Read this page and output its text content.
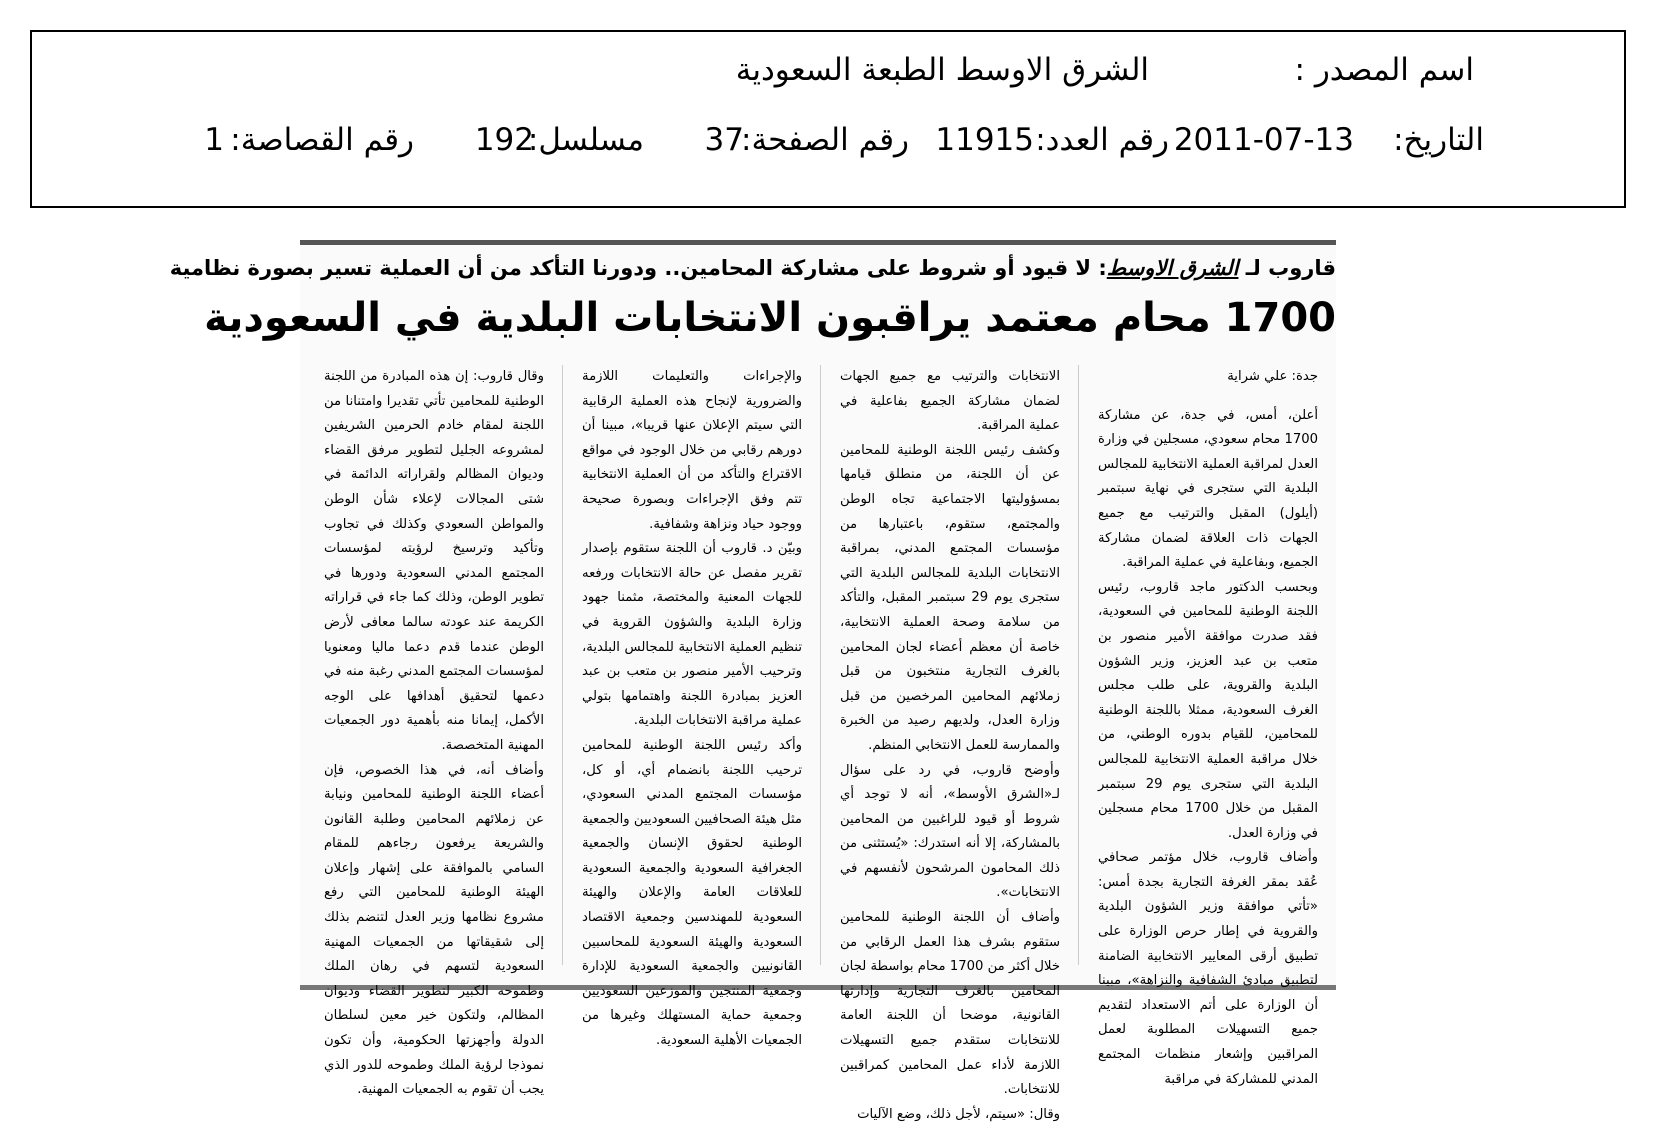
اسم المصدر :
الشرق الاوسط الطبعة السعودية
التاريخ:
2011-07-13
رقم العدد:
11915
رقم الصفحة:
37
مسلسل:
192
رقم القصاصة:
1
قاروب لـ الشرق الاوسط: لا قيود أو شروط على مشاركة المحامين.. ودورنا التأكد من أن العملية تسير بصورة نظامية
1700 محام معتمد يراقبون الانتخابات البلدية في السعودية

جدة: علي شراية

أعلن، أمس، في جدة، عن مشاركة 1700 محام سعودي، مسجلين في وزارة العدل لمراقبة العملية الانتخابية للمجالس البلدية التي ستجرى في نهاية سبتمبر (أيلول) المقبل والترتيب مع جميع الجهات ذات العلاقة لضمان مشاركة الجميع، وبفاعلية في عملية المراقبة.

وبحسب الدكتور ماجد قاروب، رئيس اللجنة الوطنية للمحامين في السعودية، فقد صدرت موافقة الأمير منصور بن متعب بن عبد العزيز، وزير الشؤون البلدية والقروية، على طلب مجلس الغرف السعودية، ممثلا باللجنة الوطنية للمحامين، للقيام بدوره الوطني، من خلال مراقبة العملية الانتخابية للمجالس البلدية التي ستجرى يوم 29 سبتمبر المقبل من خلال 1700 محام مسجلين في وزارة العدل.

وأضاف قاروب، خلال مؤتمر صحافي عُقد بمقر الغرفة التجارية بجدة أمس: «تأتي موافقة وزير الشؤون البلدية والقروية في إطار حرص الوزارة على تطبيق أرقى المعايير الانتخابية الضامنة لتطبيق مبادئ الشفافية والنزاهة»، مبينا أن الوزارة على أتم الاستعداد لتقديم جميع التسهيلات المطلوبة لعمل المراقبين وإشعار منظمات المجتمع المدني للمشاركة في مراقبة

الانتخابات والترتيب مع جميع الجهات لضمان مشاركة الجميع بفاعلية في عملية المراقبة.

وكشف رئيس اللجنة الوطنية للمحامين عن أن اللجنة، من منطلق قيامها بمسؤوليتها الاجتماعية تجاه الوطن والمجتمع، ستقوم، باعتبارها من مؤسسات المجتمع المدني، بمراقبة الانتخابات البلدية للمجالس البلدية التي ستجرى يوم 29 سبتمبر المقبل، والتأكد من سلامة وصحة العملية الانتخابية، خاصة أن معظم أعضاء لجان المحامين بالغرف التجارية منتخبون من قبل زملائهم المحامين المرخصين من قبل وزارة العدل، ولديهم رصيد من الخبرة والممارسة للعمل الانتخابي المنظم.

وأوضح قاروب، في رد على سؤال لـ«الشرق الأوسط»، أنه لا توجد أي شروط أو قيود للراغبين من المحامين بالمشاركة، إلا أنه استدرك: «يُستثنى من ذلك المحامون المرشحون لأنفسهم في الانتخابات».

وأضاف أن اللجنة الوطنية للمحامين ستقوم بشرف هذا العمل الرقابي من خلال أكثر من 1700 محام بواسطة لجان المحامين بالغرف التجارية وإدارتها القانونية، موضحا أن اللجنة العامة للانتخابات ستقدم جميع التسهيلات اللازمة لأداء عمل المحامين كمراقبين للانتخابات.

وقال: «سيتم، لأجل ذلك، وضع الآليات

والإجراءات والتعليمات اللازمة والضرورية لإنجاح هذه العملية الرقابية التي سيتم الإعلان عنها قريبا»، مبينا أن دورهم رقابي من خلال الوجود في مواقع الاقتراع والتأكد من أن العملية الانتخابية تتم وفق الإجراءات وبصورة صحيحة ووجود حياد ونزاهة وشفافية.

وبيّن د. قاروب أن اللجنة ستقوم بإصدار تقرير مفصل عن حالة الانتخابات ورفعه للجهات المعنية والمختصة، مثمنا جهود وزارة البلدية والشؤون القروية في تنظيم العملية الانتخابية للمجالس البلدية، وترحيب الأمير منصور بن متعب بن عبد العزيز بمبادرة اللجنة واهتمامها بتولي عملية مراقبة الانتخابات البلدية.

وأكد رئيس اللجنة الوطنية للمحامين ترحيب اللجنة بانضمام أي، أو كل، مؤسسات المجتمع المدني السعودي، مثل هيئة الصحافيين السعوديين والجمعية الوطنية لحقوق الإنسان والجمعية الجغرافية السعودية والجمعية السعودية للعلاقات العامة والإعلان والهيئة السعودية للمهندسين وجمعية الاقتصاد السعودية والهيئة السعودية للمحاسبين القانونيين والجمعية السعودية للإدارة وجمعية المنتجين والموزعين السعوديين وجمعية حماية المستهلك وغيرها من الجمعيات الأهلية السعودية.

وقال قاروب: إن هذه المبادرة من اللجنة الوطنية للمحامين تأتي تقديرا وامتنانا من اللجنة لمقام خادم الحرمين الشريفين لمشروعه الجليل لتطوير مرفق القضاء وديوان المظالم ولقراراته الدائمة في شتى المجالات لإعلاء شأن الوطن والمواطن السعودي وكذلك في تجاوب وتأكيد وترسيخ لرؤيته لمؤسسات المجتمع المدني السعودية ودورها في تطوير الوطن، وذلك كما جاء في قراراته الكريمة عند عودته سالما معافى لأرض الوطن عندما قدم دعما ماليا ومعنويا لمؤسسات المجتمع المدني رغبة منه في دعمها لتحقيق أهدافها على الوجه الأكمل، إيمانا منه بأهمية دور الجمعيات المهنية المتخصصة.

وأضاف أنه، في هذا الخصوص، فإن أعضاء اللجنة الوطنية للمحامين ونيابة عن زملائهم المحامين وطلبة القانون والشريعة يرفعون رجاءهم للمقام السامي بالموافقة على إشهار وإعلان الهيئة الوطنية للمحامين التي رفع مشروع نظامها وزير العدل لتنضم بذلك إلى شقيقاتها من الجمعيات المهنية السعودية لتسهم في رهان الملك وطموحه الكبير لتطوير القضاء وديوان المظالم، ولتكون خير معين لسلطان الدولة وأجهزتها الحكومية، وأن تكون نموذجا لرؤية الملك وطموحه للدور الذي يجب أن تقوم به الجمعيات المهنية.
